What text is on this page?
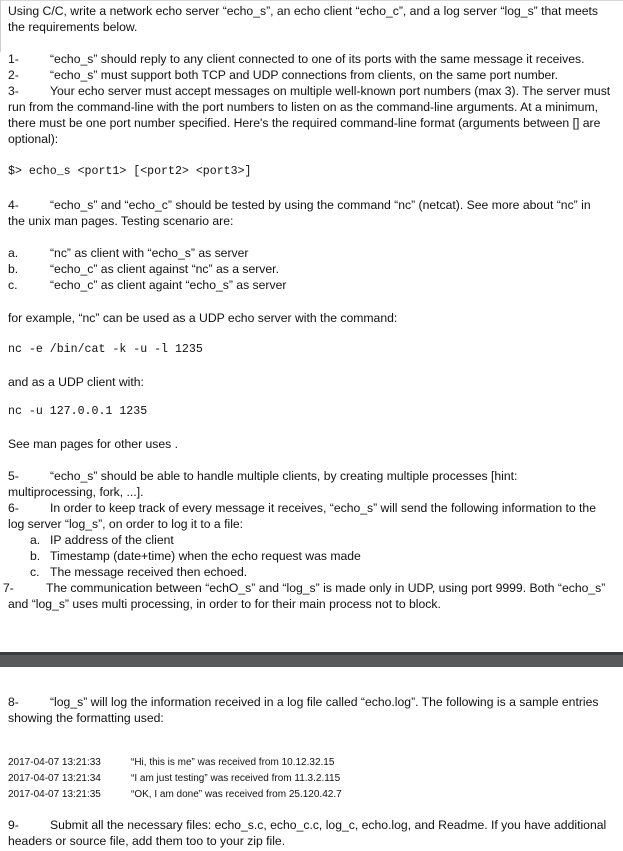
Using C/C, write a network echo server “echo_s”, an echo client “echo_c”, and a log server “log_s” that meets
the requirements below.
1-	“echo_s” should reply to any client connected to one of its ports with the same message it receives.
2-	“echo_s” must support both TCP and UDP connections from clients, on the same port number.
3-	Your echo server must accept messages on multiple well-known port numbers (max 3). The server must
run from the command-line with the port numbers to listen on as the command-line arguments. At a minimum,
there must be one port number specified. Here's the required command-line format (arguments between [] are
optional):
$> echo_s <port1> [<port2> <port3>]
4-	“echo_s” and “echo_c” should be tested by using the command “nc” (netcat). See more about “nc” in
the unix man pages. Testing scenario are:
a.	“nc” as client with “echo_s” as server
b.	“echo_c” as client against “nc” as a server.
c.	“echo_c” as client againt “echo_s” as server
for example, “nc” can be used as a UDP echo server with the command:
nc -e /bin/cat -k -u -l 1235
and as a UDP client with:
nc -u 127.0.0.1 1235
See man pages for other uses .
5-	“echo_s” should be able to handle multiple clients, by creating multiple processes [hint:
multiprocessing, fork, ...].
6-	In order to keep track of every message it receives, “echo_s” will send the following information to the
log server “log_s”, on order to log it to a file:
a. IP address of the client
b. Timestamp (date+time) when the echo request was made
c. The message received then echoed.
7-	The communication between “echO_s” and “log_s” is made only in UDP, using port 9999. Both “echo_s”
and “log_s” uses multi processing, in order to for their main process not to block.
8-	“log_s” will log the information received in a log file called “echo.log”. The following is a sample entries
showing the formatting used:
2017-04-07 13:21:33	“Hi, this is me” was received from 10.12.32.15
2017-04-07 13:21:34	“I am just testing” was received from 11.3.2.115
2017-04-07 13:21:35	“OK, I am done” was received from 25.120.42.7
9-	Submit all the necessary files: echo_s.c, echo_c.c, log_c, echo.log, and Readme. If you have additional
headers or source file, add them too to your zip file.
